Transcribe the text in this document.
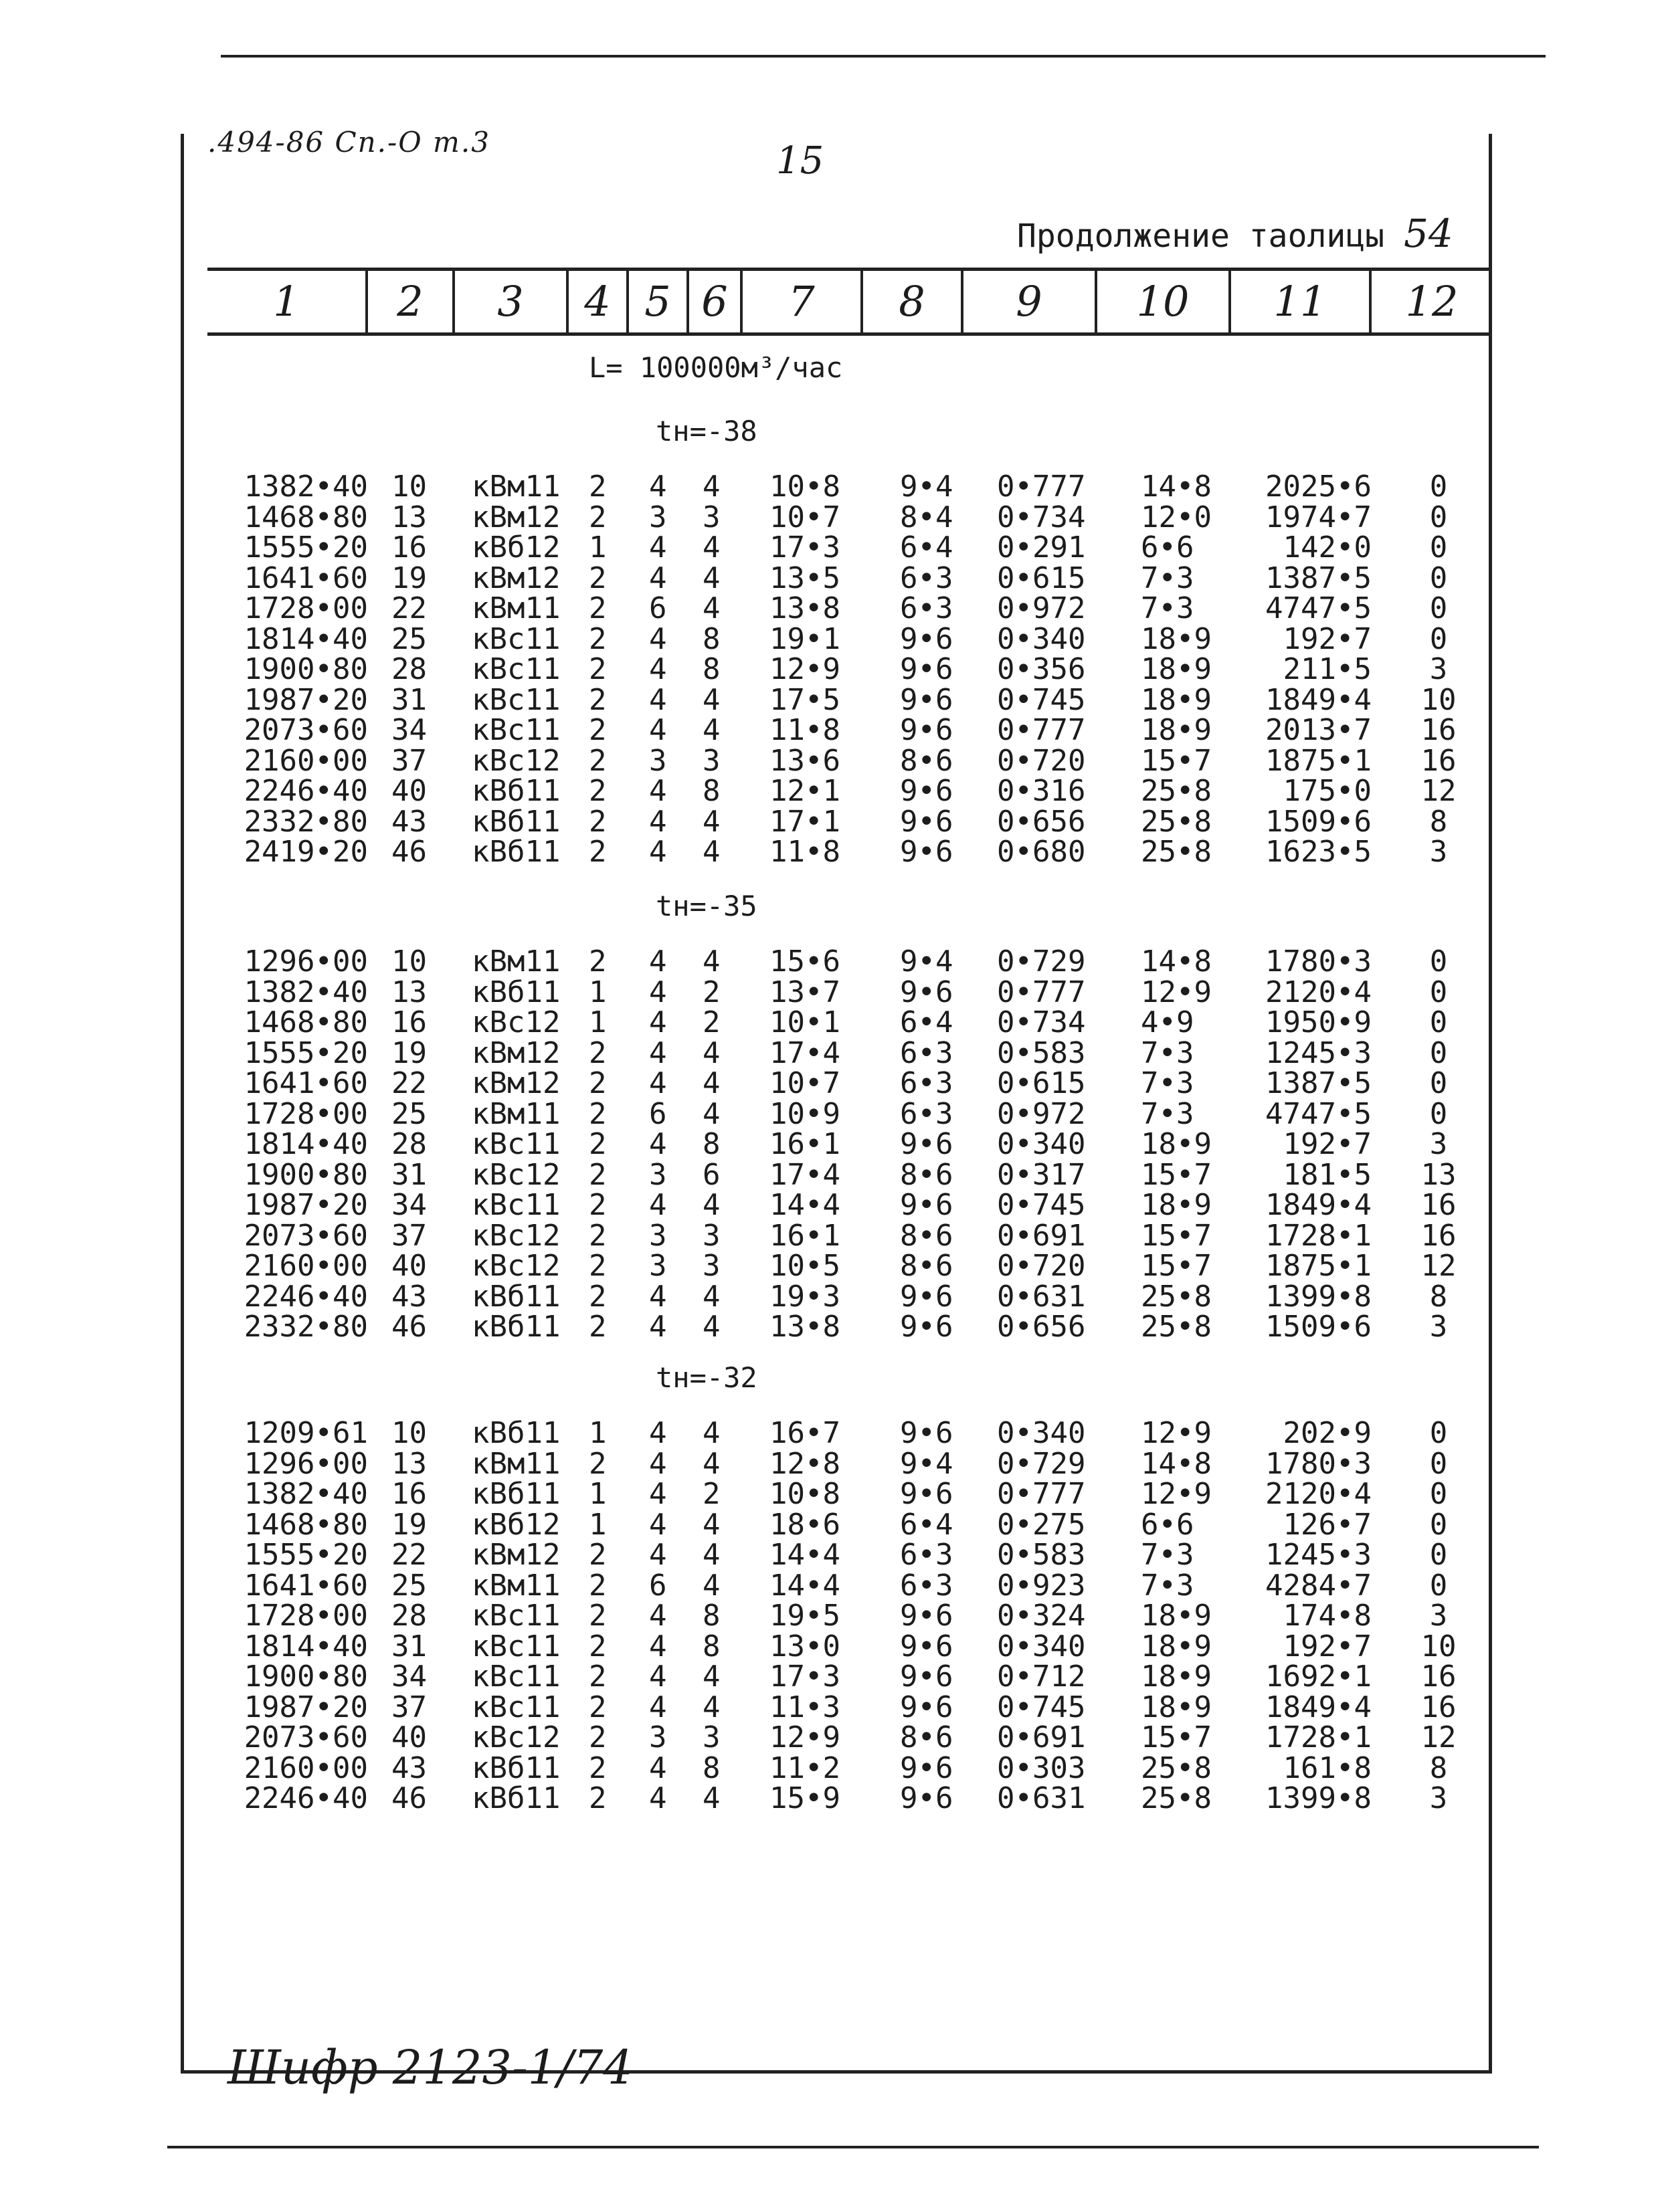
.494-86 Сп.-О т.3	15
Продолжение таолицы 54
1	2	3	4 5 6	7	8	9	10	11	12
L= 100000м³/час
tн=-38
1382•40 10	кВм11 2	4	4	10•8	9•4	0•777	14•8	2025•6	0
1468•80 13	кВм12 2	3	3	10•7	8•4	0•734	12•0	1974•7	0
1555•20 16	кВб12 1	4	4	17•3	6•4	0•291	6•6	142•0	0
1641•60 19	кВм12 2	4	4	13•5	6•3	0•615	7•3	1387•5	0
1728•00 22	кВм11 2	6	4	13•8	6•3	0•972	7•3	4747•5	0
1814•40 25	кВс11 2	4	8	19•1	9•6	0•340	18•9	192•7	0
1900•80 28	кВс11 2	4	8	12•9	9•6	0•356	18•9	211•5	3
1987•20 31	кВс11 2	4	4	17•5	9•6	0•745	18•9	1849•4	10
2073•60 34	кВс11 2	4	4	11•8	9•6	0•777	18•9	2013•7	16
2160•00 37	кВс12 2	3	3	13•6	8•6	0•720	15•7	1875•1	16
2246•40 40	кВб11 2	4	8	12•1	9•6	0•316	25•8	175•0	12
2332•80 43	кВб11 2	4	4	17•1	9•6	0•656	25•8	1509•6	8
2419•20 46	кВб11 2	4	4	11•8	9•6	0•680	25•8	1623•5	3
tн=-35
1296•00 10	кВм11 2	4	4	15•6	9•4	0•729	14•8	1780•3	0
1382•40 13	кВб11 1	4	2	13•7	9•6	0•777	12•9	2120•4	0
1468•80 16	кВс12 1	4	2	10•1	6•4	0•734	4•9	1950•9	0
1555•20 19	кВм12 2	4	4	17•4	6•3	0•583	7•3	1245•3	0
1641•60 22	кВм12 2	4	4	10•7	6•3	0•615	7•3	1387•5	0
1728•00 25	кВм11 2	6	4	10•9	6•3	0•972	7•3	4747•5	0
1814•40 28	кВс11 2	4	8	16•1	9•6	0•340	18•9	192•7	3
1900•80 31	кВс12 2	3	6	17•4	8•6	0•317	15•7	181•5	13
1987•20 34	кВс11 2	4	4	14•4	9•6	0•745	18•9	1849•4	16
2073•60 37	кВс12 2	3	3	16•1	8•6	0•691	15•7	1728•1	16
2160•00 40	кВс12 2	3	3	10•5	8•6	0•720	15•7	1875•1	12
2246•40 43	кВб11 2	4	4	19•3	9•6	0•631	25•8	1399•8	8
2332•80 46	кВб11 2	4	4	13•8	9•6	0•656	25•8	1509•6	3
tн=-32
1209•61 10	кВб11 1	4	4	16•7	9•6	0•340	12•9	202•9	0
1296•00 13	кВм11 2	4	4	12•8	9•4	0•729	14•8	1780•3	0
1382•40 16	кВб11 1	4	2	10•8	9•6	0•777	12•9	2120•4	0
1468•80 19	кВб12 1	4	4	18•6	6•4	0•275	6•6	126•7	0
1555•20 22	кВм12 2	4	4	14•4	6•3	0•583	7•3	1245•3	0
1641•60 25	кВм11 2	6	4	14•4	6•3	0•923	7•3	4284•7	0
1728•00 28	кВс11 2	4	8	19•5	9•6	0•324	18•9	174•8	3
1814•40 31	кВс11 2	4	8	13•0	9•6	0•340	18•9	192•7	10
1900•80 34	кВс11 2	4	4	17•3	9•6	0•712	18•9	1692•1	16
1987•20 37	кВс11 2	4	4	11•3	9•6	0•745	18•9	1849•4	16
2073•60 40	кВс12 2	3	3	12•9	8•6	0•691	15•7	1728•1	12
2160•00 43	кВб11 2	4	8	11•2	9•6	0•303	25•8	161•8	8
2246•40 46	кВб11 2	4	4	15•9	9•6	0•631	25•8	1399•8	3
Шифр 2123-1/74
